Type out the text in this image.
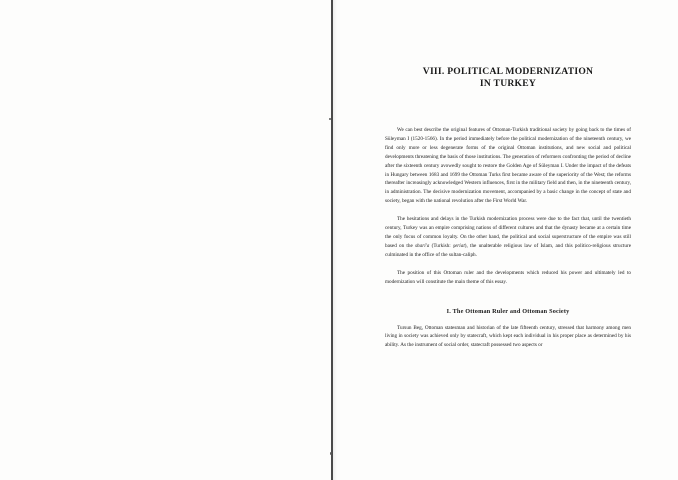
VIII. POLITICAL MODERNIZATION
IN TURKEY

We can best describe the original features of Ottoman-Turkish traditional society by going back to the times of Süleyman I (1520-1566). In the period immediately before the political modernization of the nineteenth century, we find only more or less degenerate forms of the original Ottoman institutions, and new social and political developments threatening the basis of those institutions. The generation of reformers confronting the period of decline after the sixteenth century avowedly sought to restore the Golden Age of Süleyman I. Under the impact of the defeats in Hungary between 1683 and 1699 the Ottoman Turks first became aware of the superiority of the West; the reforms thereafter increasingly acknowledged Western influences, first in the military field and then, in the nineteenth century, in administration. The decisive modernization movement, accompanied by a basic change in the concept of state and society, began with the national revolution after the First World War.

The hesitations and delays in the Turkish modernization process were due to the fact that, until the twentieth century, Turkey was an empire comprising nations of different cultures and that the dynasty became at a certain time the only focus of common loyalty. On the other hand, the political and social superstructure of the empire was still based on the shari'a (Turkish: şeriat), the unalterable religious law of Islam, and this politico-religious structure culminated in the office of the sultan-caliph.

The position of this Ottoman ruler and the developments which reduced his power and ultimately led to modernization will constitute the main theme of this essay.

I. The Ottoman Ruler and Ottoman Society

Tursun Beg, Ottoman statesman and historian of the late fifteenth century, stressed that harmony among men living in society was achieved only by statecraft, which kept each individual in his proper place as determined by his ability. As the instrument of social order, statecraft possessed two aspects or
